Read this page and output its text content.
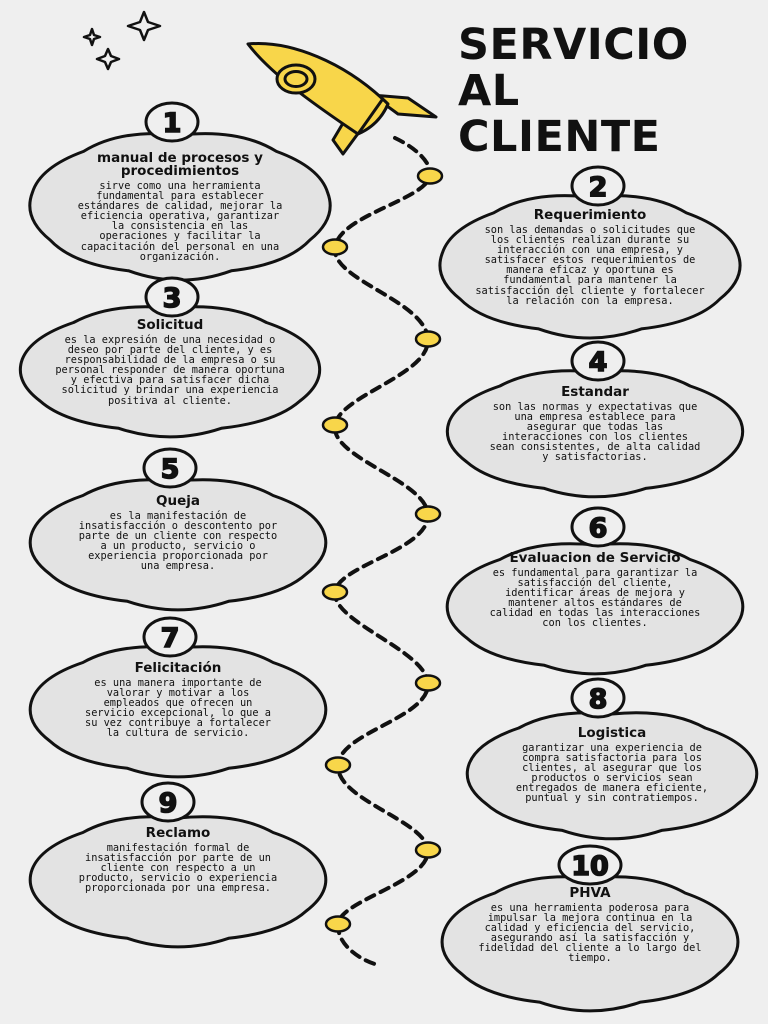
1
2
3
4
5
6
7
8
9
10
SERVICIO AL
CLIENTE
manual de procesos y procedimientos
sirve como una herramienta fundamental para establecer estándares de calidad, mejorar la eficiencia operativa, garantizar la consistencia en las operaciones y facilitar la capacitación del personal en una organización.
Requerimiento
son las demandas o solicitudes que los clientes realizan durante su interacción con una empresa, y satisfacer estos requerimientos de manera eficaz y oportuna es fundamental para mantener la satisfacción del cliente y fortalecer la relación con la empresa.
Solicitud
es la expresión de una necesidad o deseo por parte del cliente, y es responsabilidad de la empresa o su personal responder de manera oportuna y efectiva para satisfacer dicha solicitud y brindar una experiencia positiva al cliente.
Estandar
son las normas y expectativas que una empresa establece para asegurar que todas las interacciones con los clientes sean consistentes, de alta calidad y satisfactorias.
Queja
es la manifestación de insatisfacción o descontento por parte de un cliente con respecto a un producto, servicio o experiencia proporcionada por una empresa.
Evaluacion de Servicio
es fundamental para garantizar la satisfacción del cliente, identificar áreas de mejora y mantener altos estándares de calidad en todas las interacciones con los clientes.
Felicitación
es una manera importante de valorar y motivar a los empleados que ofrecen un servicio excepcional, lo que a su vez contribuye a fortalecer la cultura de servicio.	Logistica
garantizar una experiencia de compra satisfactoria para los clientes, al asegurar que los productos o servicios sean entregados de manera eficiente, puntual y sin contratiempos.
Reclamo
manifestación formal de insatisfacción por parte de un cliente con respecto a un producto, servicio o experiencia proporcionada por una empresa.	PHVA
es una herramienta poderosa para impulsar la mejora continua en la calidad y eficiencia del servicio, asegurando así la satisfacción y fidelidad del cliente a lo largo del tiempo.
